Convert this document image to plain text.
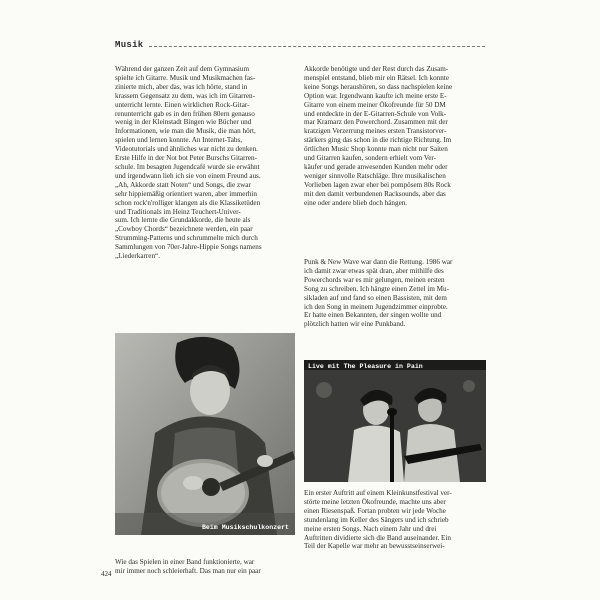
Musik

Während der ganzen Zeit auf dem Gymnasium

spielte ich Gitarre. Musik und Musikmachen fas-

zinierte mich, aber das, was ich hörte, stand in

krassem Gegensatz zu dem, was ich im Gitarren-

unterricht lernte. Einen wirklichen Rock-Gitar-

renunterricht gab es in den frühen 80ern genauso

wenig in der Kleinstadt Bingen wie Bücher und

Informationen, wie man die Musik, die man hört,

spielen und lernen konnte. An Internet-Tabs,

Videotutorials und ähnliches war nicht zu denken.

Erste Hilfe in der Not bot Peter Burschs Gitarren-

schule. Im besagten Jugendcafé wurde sie erwähnt

und irgendwann lieh ich sie von einem Freund aus.

„Ah, Akkorde statt Noten“ und Songs, die zwar

sehr hippiemäßig orientiert waren, aber immerhin

schon rock'n'rolliger klangen als die Klassiketüden

und Traditionals im Heinz Teuchert-Univer-

sum. Ich lernte die Grundakkorde, die heute als

„Cowboy Chords“ bezeichnete werden, ein paar

Strumming-Patterns und schrummelte mich durch

Sammlungen von 70er-Jahre-Hippie Songs namens

„Liederkarren“.

Akkorde benötigte und der Rest durch das Zusam-

menspiel entstand, blieb mir ein Rätsel. Ich konnte

keine Songs heraushören, so dass nachspielen keine

Option war. Irgendwann kaufte ich meine erste E-

Gitarre von einem meiner Ökofreunde für 50 DM

und entdeckte in der E-Gitarren-Schule von Volk-

mar Kramarz den Powerchord. Zusammen mit der

kratzigen Verzerrung meines ersten Transistorver-

stärkers ging das schon in die richtige Richtung. Im

örtlichen Music Shop konnte man nicht nur Saiten

und Gitarren kaufen, sondern erhielt vom Ver-

käufer und gerade anwesenden Kunden mehr oder

weniger sinnvolle Ratschläge. Ihre musikalischen

Vorlieben lagen zwar eher bei pompösem 80s Rock

mit den damit verbundenen Racksounds, aber das

eine oder andere blieb doch hängen.

Punk & New Wave war dann die Rettung. 1986 war

ich damit zwar etwas spät dran, aber mithilfe des

Powerchords war es mir gelungen, meinen ersten

Song zu schreiben. Ich hängte einen Zettel im Mu-

sikladen auf und fand so einen Bassisten, mit dem

ich den Song in meinem Jugendzimmer einprobte.

Er hatte einen Bekannten, der singen wollte und

plötzlich hatten wir eine Punkband.

Beim Musikschulkonzert
Live mit The Pleasure in Pain

Ein erster Auftritt auf einem Kleinkunstfestival ver-

störte meine letzten Ökofreunde, machte uns aber

einen Riesenspaß. Fortan probten wir jede Woche

stundenlang im Keller des Sängers und ich schrieb

meine ersten Songs. Nach einem Jahr und drei

Auftritten dividierte sich die Band auseinander. Ein

Teil der Kapelle war mehr an bewusstseinserwei-

Wie das Spielen in einer Band funktionierte, war

mir immer noch schleierhaft. Das man nur ein paar

424
